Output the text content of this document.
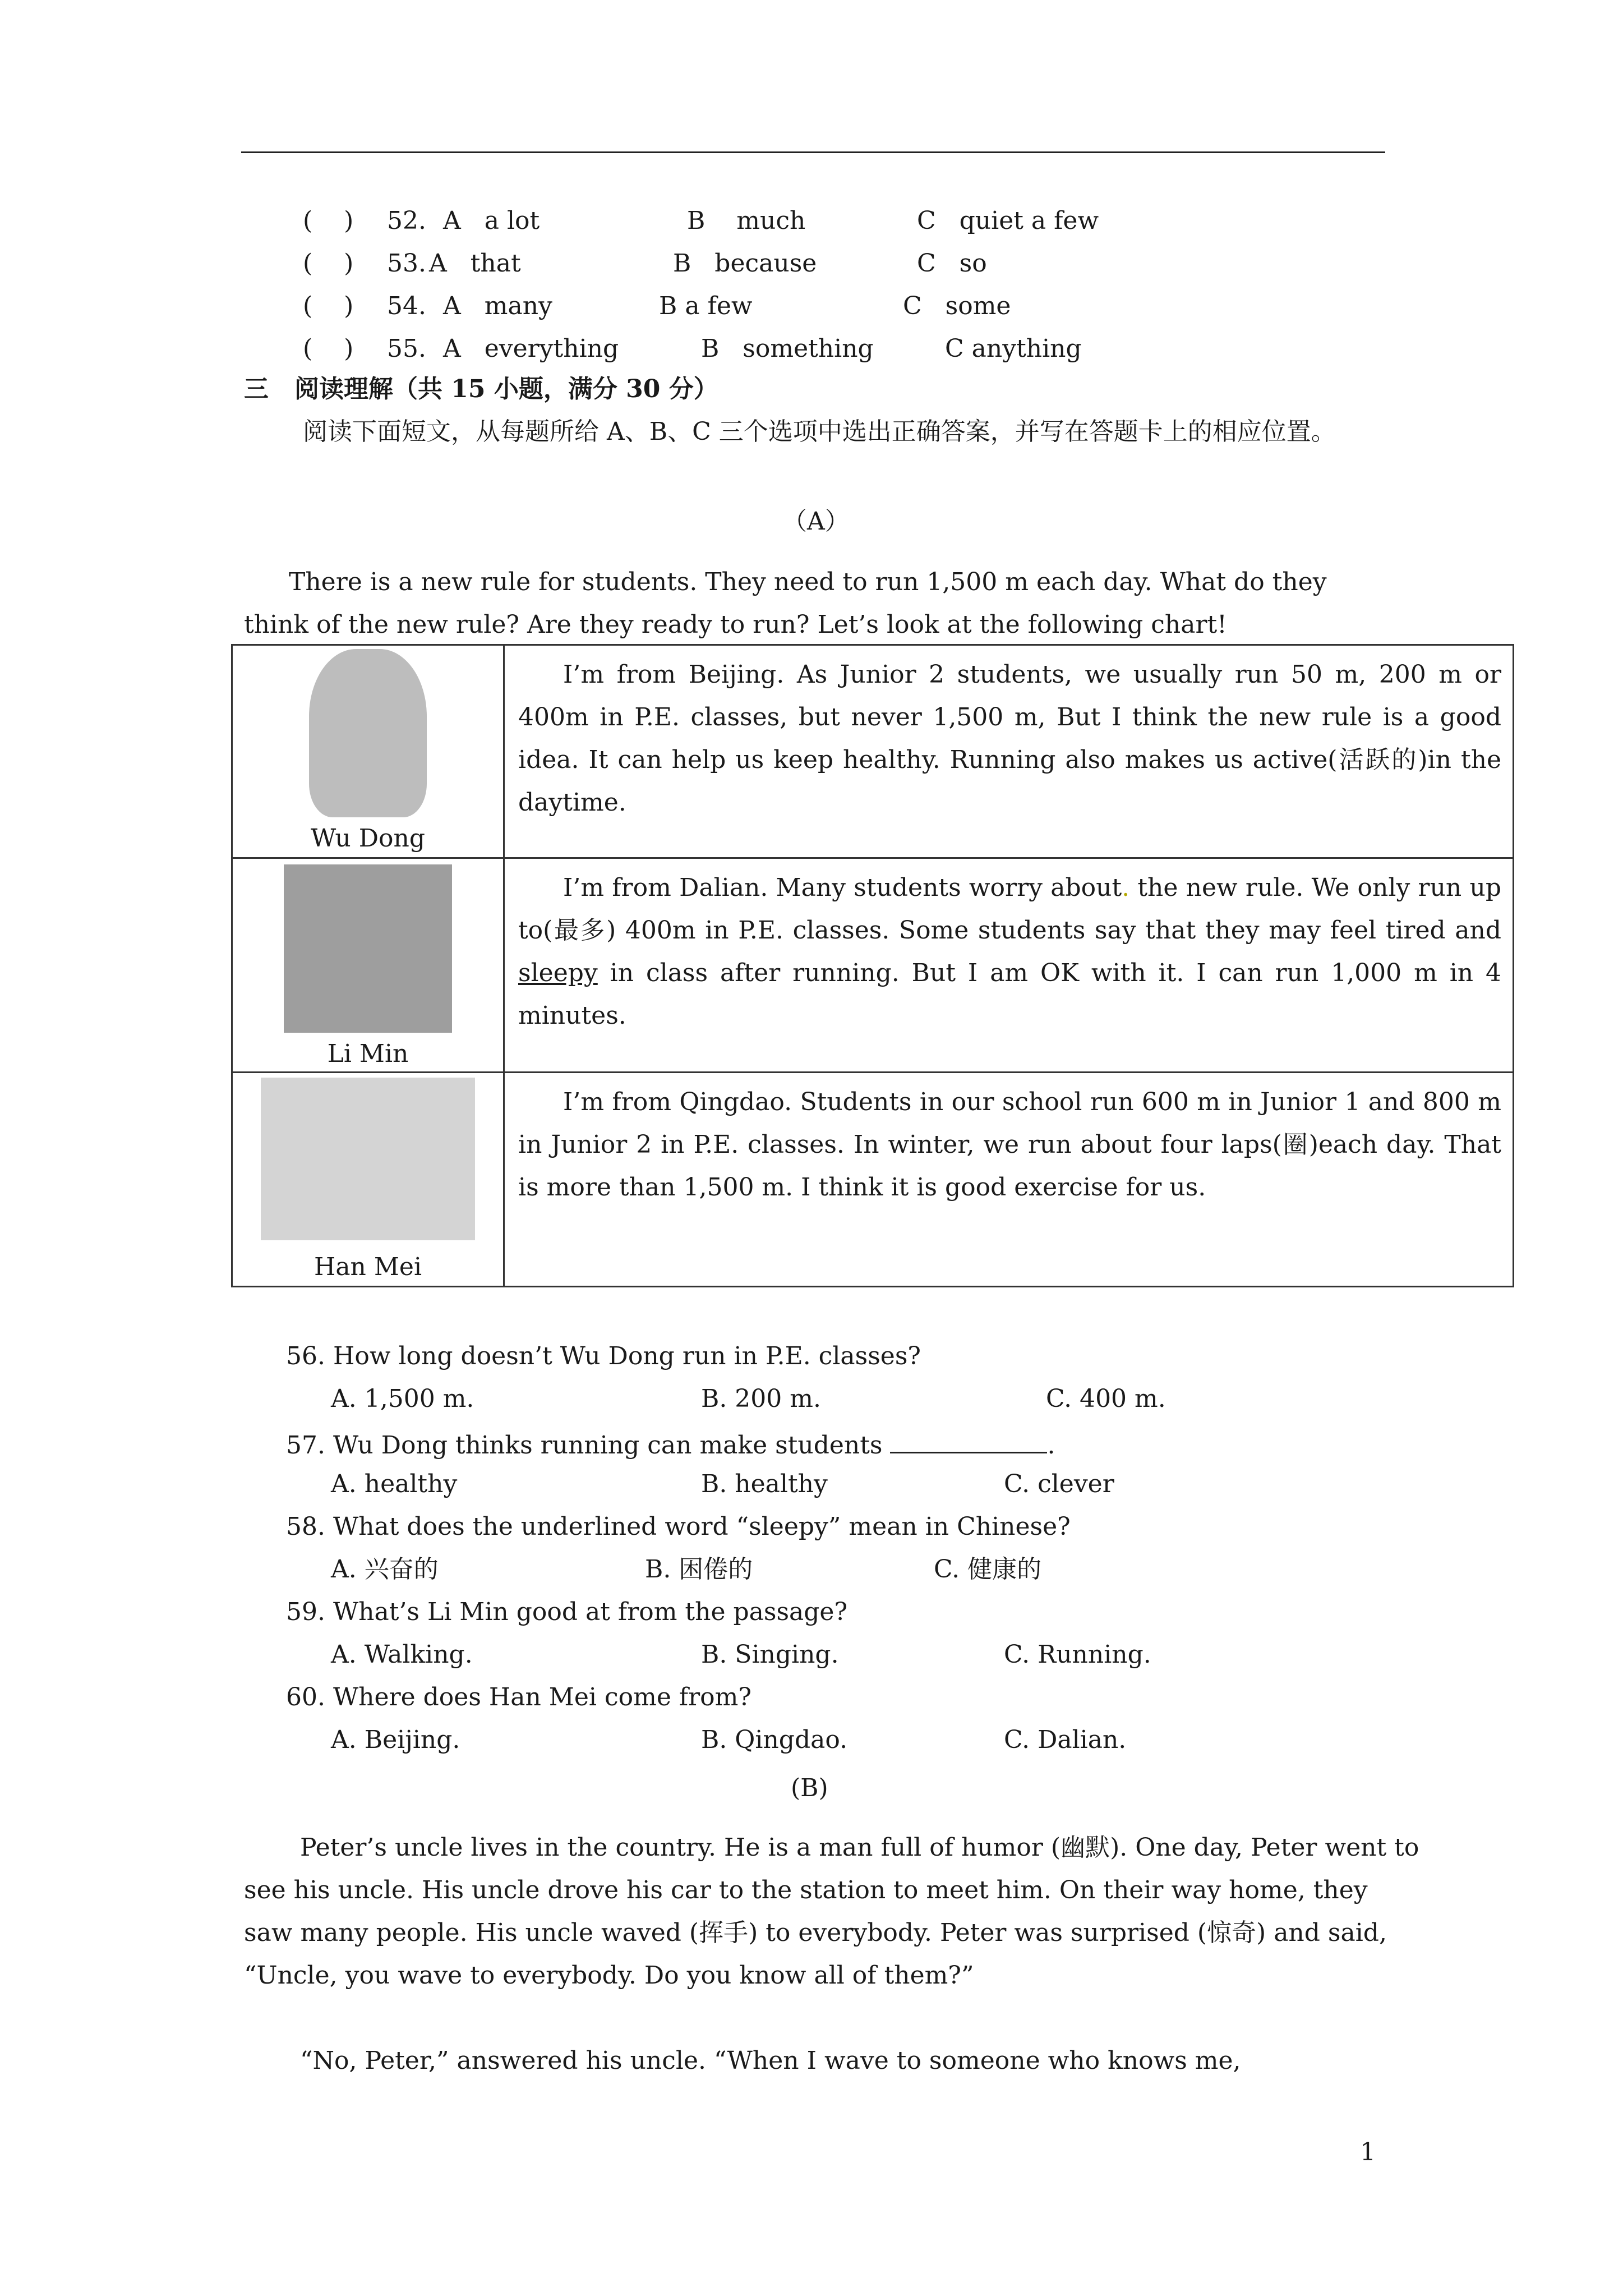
(    ) 52. A   a lot	B    much	C   quiet a few
(    ) 53. A   that	B   because	C   so
(    ) 54. A   many	B a few	C   some
(    ) 55. A   everything	B   something	C anything
三   阅读理解（共 15 小题，满分 30 分）
阅读下面短文，从每题所给 A、B、C 三个选项中选出正确答案，并写在答题卡上的相应位置。
（A）
There is a new rule for students. They need to run 1,500 m each day. What do they think of the new rule? Are they ready to run? Let’s look at the following chart!
Wu Dong	I’m from Beijing. As Junior 2 students, we usually run 50 m, 200 m or 400m in P.E. classes, but never 1,500 m, But I think the new rule is a good idea. It can help us keep healthy. Running also makes us active(活跃的)in the daytime.

Li Min	I’m from Dalian. Many students worry about. the new rule. We only run up to(最多) 400m in P.E. classes. Some students say that they may feel tired and sleepy in class after running. But I am OK with it. I can run 1,000 m in 4 minutes.

Han Mei	I’m from Qingdao. Students in our school run 600 m in Junior 1 and 800 m in Junior 2 in P.E. classes. In winter, we run about four laps(圈)each day. That is more than 1,500 m. I think it is good exercise for us.
56. How long doesn’t Wu Dong run in P.E. classes?
A. 1,500 m.	B. 200 m.	C. 400 m.
57. Wu Dong thinks running can make students	.
A. healthy	B. healthy	C. clever
58. What does the underlined word “sleepy” mean in Chinese?
A. 兴奋的	B. 困倦的	C. 健康的
59. What’s Li Min good at from the passage?
A. Walking.	B. Singing.	C. Running.
60. Where does Han Mei come from?
A. Beijing.	B. Qingdao.	C. Dalian.
(B)
Peter’s uncle lives in the country. He is a man full of humor (幽默). One day, Peter went to see his uncle. His uncle drove his car to the station to meet him. On their way home, they saw many people. His uncle waved (挥手) to everybody. Peter was surprised (惊奇) and said, “Uncle, you wave to everybody. Do you know all of them?”
“No, Peter,” answered his uncle. “When I wave to someone who knows me,
1
